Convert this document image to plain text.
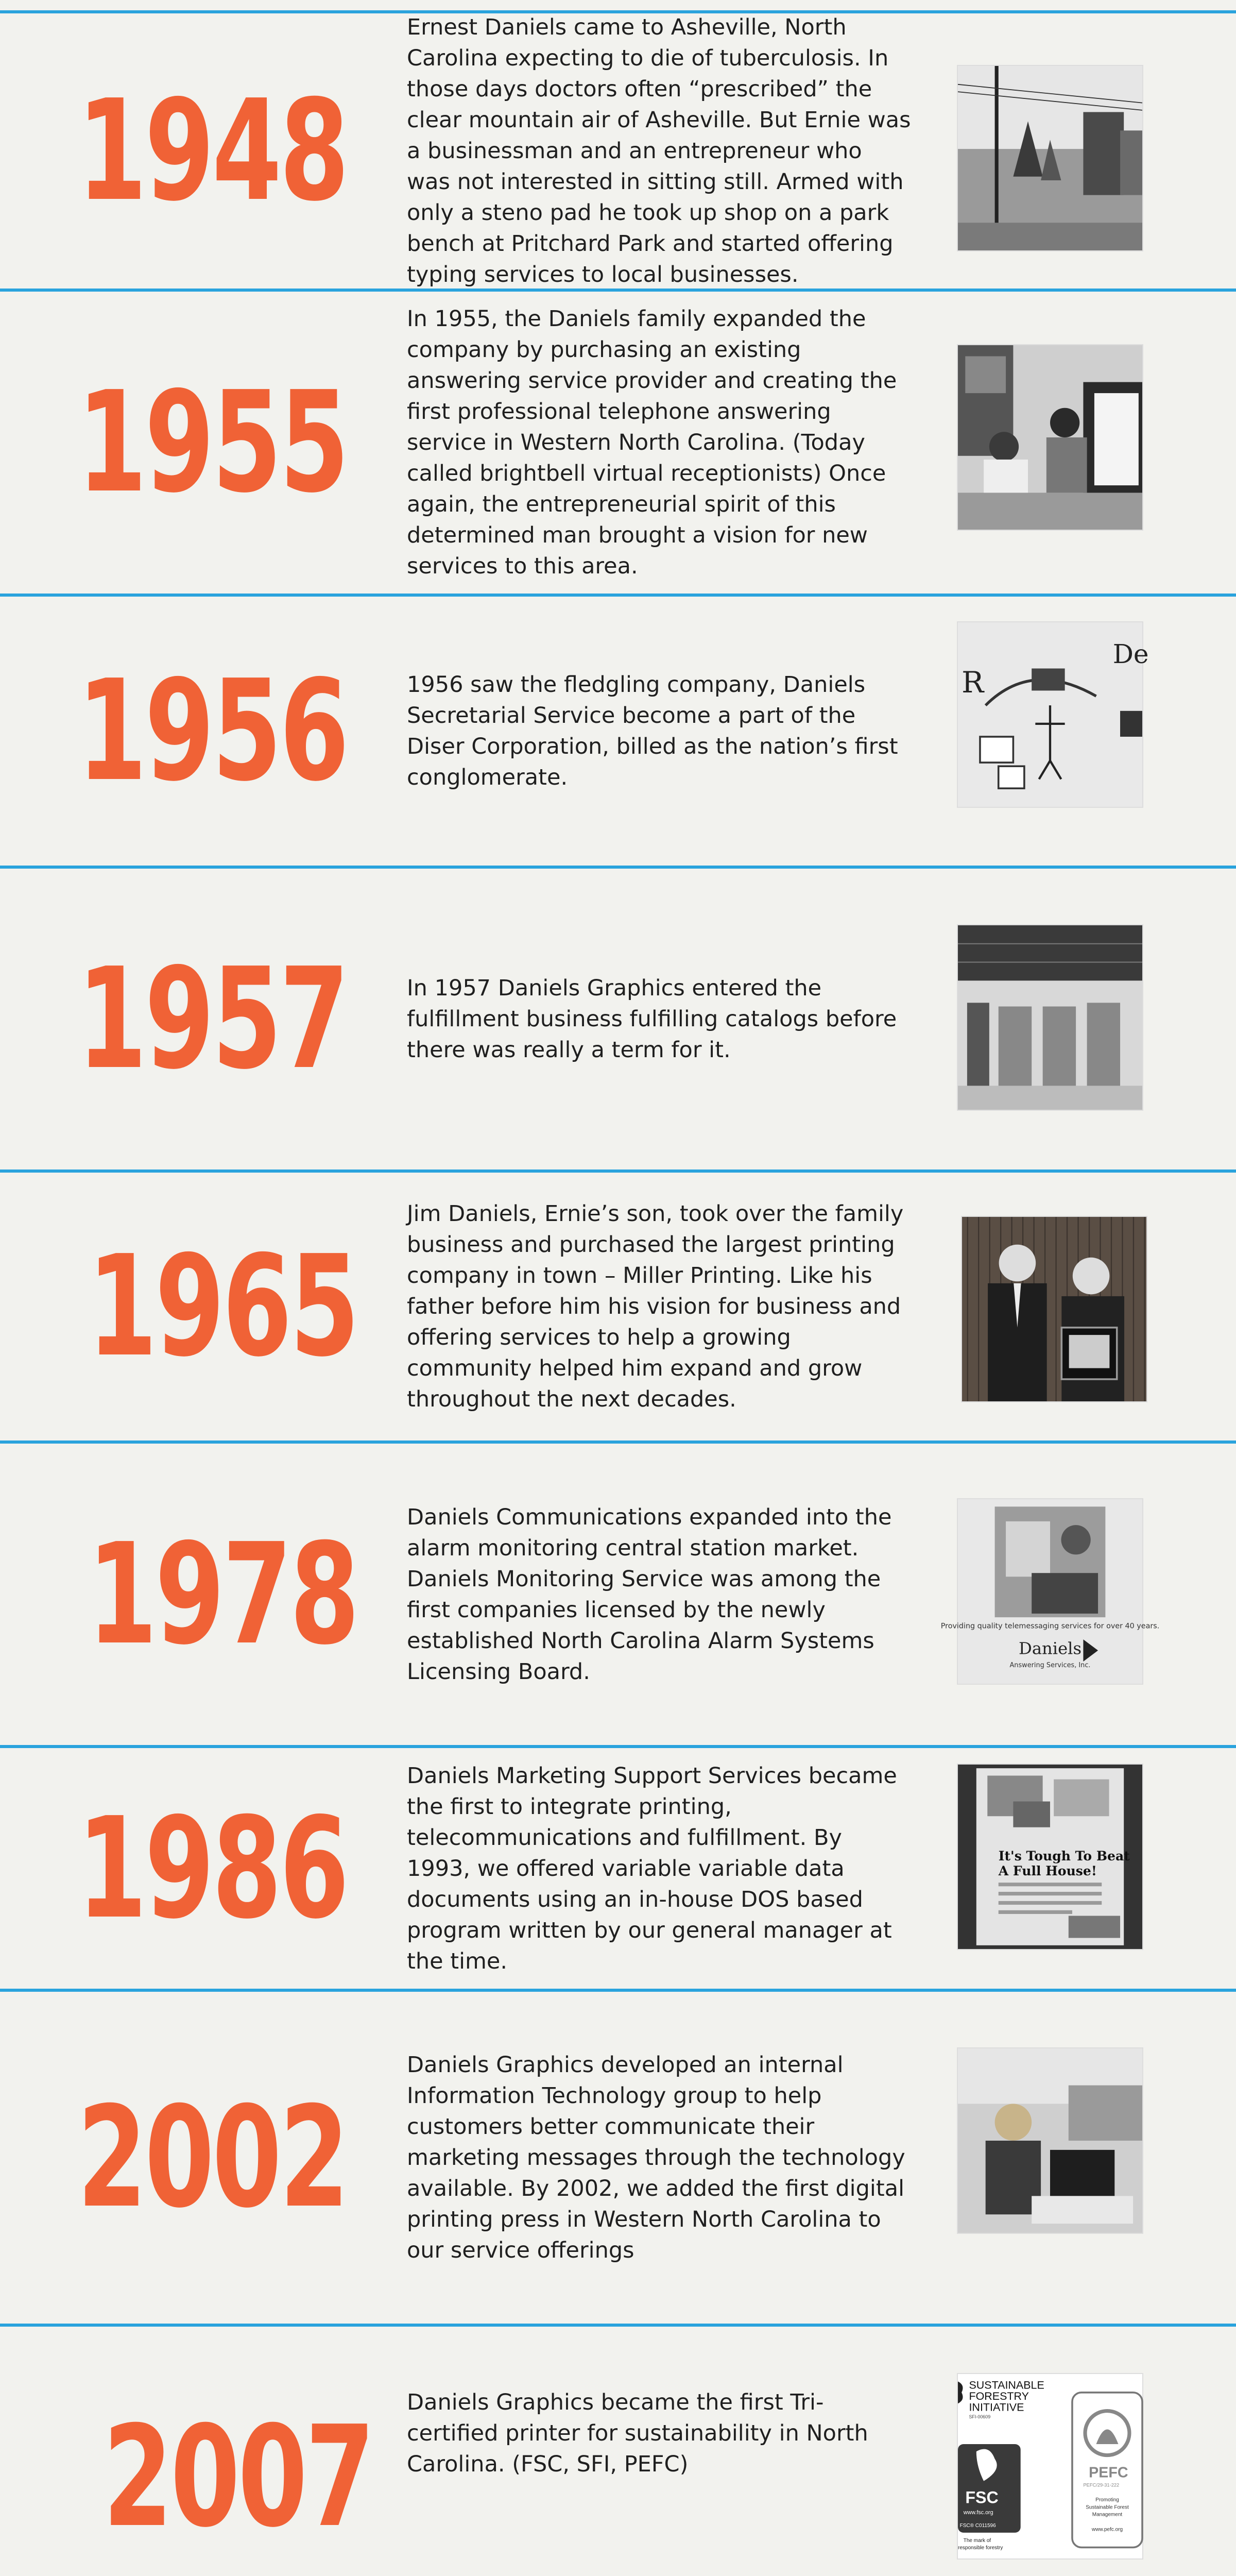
1948

Ernest Daniels came to Asheville, North Carolina expecting to die of tuberculosis. In those days doctors often “prescribed” the clear mountain air of Asheville. But Ernie was a businessman and an entrepreneur who was not interested in sitting still. Armed with only a steno pad he took up shop on a park bench at Pritchard Park and started offering typing services to local businesses.

1955

In 1955, the Daniels family expanded the company by purchasing an existing answering service provider and creating the first professional telephone answering service in Western North Carolina. (Today called brightbell virtual receptionists) Once again, the entrepreneurial spirit of this determined man brought a vision for new services to this area.

1956	1956 saw the fledgling company, Daniels Secretarial Service become a part of the Diser Corporation, billed as the nation’s first conglomerate.

R
De
1957	In 1957 Daniels Graphics entered the fulfillment business fulfilling catalogs before there was really a term for it.

1965

Jim Daniels, Ernie’s son, took over the family business and purchased the largest printing company in town – Miller Printing. Like his father before him his vision for business and offering services to help a growing community helped him expand and grow throughout the next decades.

1978 Daniels Communications expanded into the alarm monitoring central station market. Daniels Monitoring Service was among the first companies licensed by the newly established North Carolina Alarm Systems Licensing Board.

Providing quality telemessaging services for over 40 years.
Daniels
Answering Services, Inc.
1986

Daniels Marketing Support Services became the first to integrate printing, telecommunications and fulfillment. By 1993, we offered variable variable data documents using an in-house DOS based program written by our general manager at the time.

It's Tough To Beat
A Full House!
2002

Daniels Graphics developed an internal Information Technology group to help customers better communicate their marketing messages through the technology available. By 2002, we added the first digital printing press in Western North Carolina to our service offerings

2007 Daniels Graphics became the first Tri-certified printer for sustainability in North Carolina. (FSC, SFI, PEFC)

SUSTAINABLE
FORESTRY
INITIATIVE
SFI-00609
FSC
www.fsc.org
FSC® C011596
The mark of
responsible forestry
PEFC
PEFC/29-31-222
Promoting
Sustainable Forest
Management
www.pefc.org
